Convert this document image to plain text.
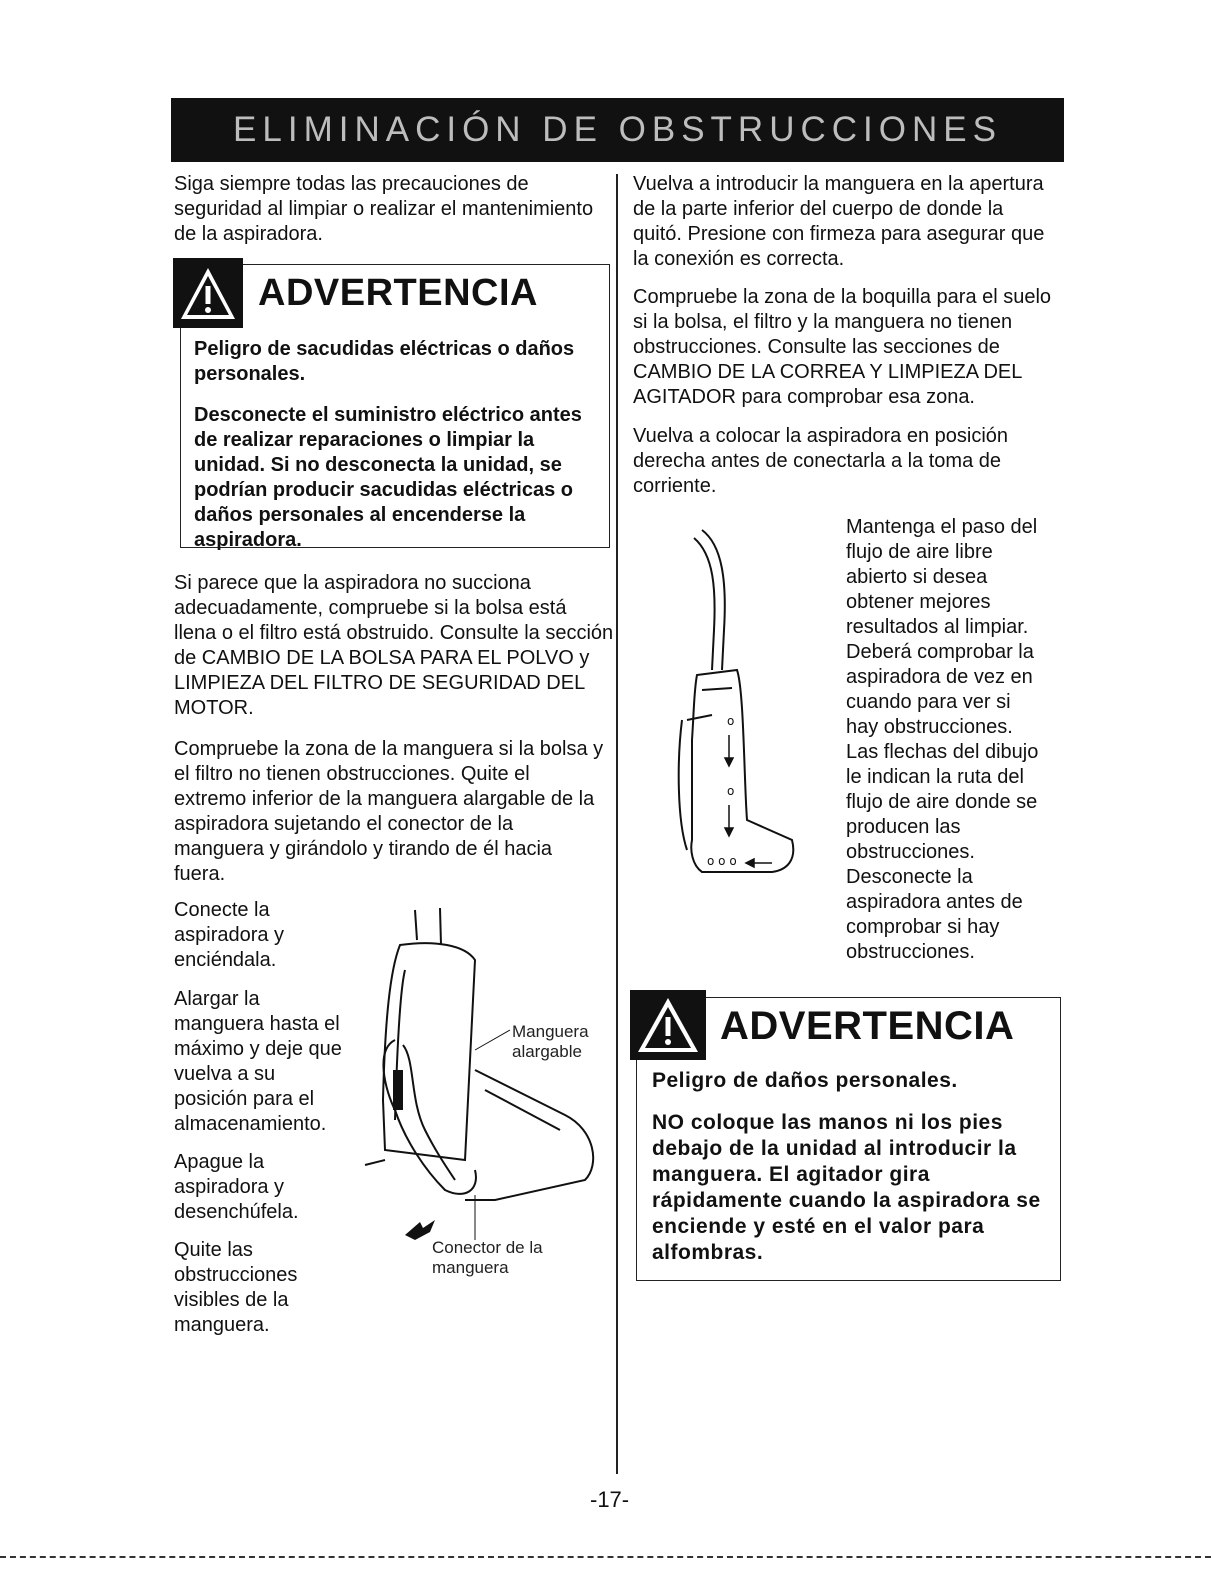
ELIMINACIÓN DE OBSTRUCCIONES

Siga siempre todas las precauciones de seguridad al limpiar o realizar el mantenimiento de la aspiradora.

ADVERTENCIA

Peligro de sacudidas eléctricas o daños personales.

Desconecte el suministro eléctrico antes de realizar reparaciones o limpiar la unidad. Si no desconecta la unidad, se podrían producir sacudidas eléctricas o daños personales al encenderse la aspiradora.

Si parece que la aspiradora no succiona adecuadamente, compruebe si la bolsa está llena o el filtro está obstruido. Consulte la sección de CAMBIO DE LA BOLSA PARA EL POLVO y LIMPIEZA DEL FILTRO DE SEGURIDAD DEL MOTOR.

Compruebe la zona de la manguera si la bolsa y el filtro no tienen obstrucciones. Quite el extremo inferior de la manguera alargable de la aspiradora sujetando el conector de la manguera y girándolo y tirando de él hacia fuera.

Conecte la aspiradora y enciéndala.

Alargar la manguera hasta el máximo y deje que vuelva a su posición para el almacenamiento.

Apague la aspiradora y desenchúfela.

Quite las obstrucciones visibles de la manguera.

Manguera alargable

Conector de la manguera

Vuelva a introducir la manguera en la apertura de la parte inferior del cuerpo de donde la quitó. Presione con firmeza para asegurar que la conexión es correcta.

Compruebe la zona de la boquilla para el suelo si la bolsa, el filtro y la manguera no tienen obstrucciones. Consulte las secciones de CAMBIO DE LA CORREA Y LIMPIEZA DEL AGITADOR para comprobar esa zona.

Vuelva a colocar la aspiradora en posición derecha antes de conectarla a la toma de corriente.

o
o
o o o

Mantenga el paso del flujo de aire libre abierto si desea obtener mejores resultados al limpiar. Deberá comprobar la aspiradora de vez en cuando para ver si hay obstrucciones. Las flechas del dibujo le indican la ruta del flujo de aire donde se producen las obstrucciones. Desconecte la aspiradora antes de comprobar si hay obstrucciones.

ADVERTENCIA

Peligro de daños personales.

NO coloque las manos ni los pies debajo de la unidad al introducir la manguera. El agitador gira rápidamente cuando la aspiradora se enciende y esté en el valor para alfombras.

-17-
